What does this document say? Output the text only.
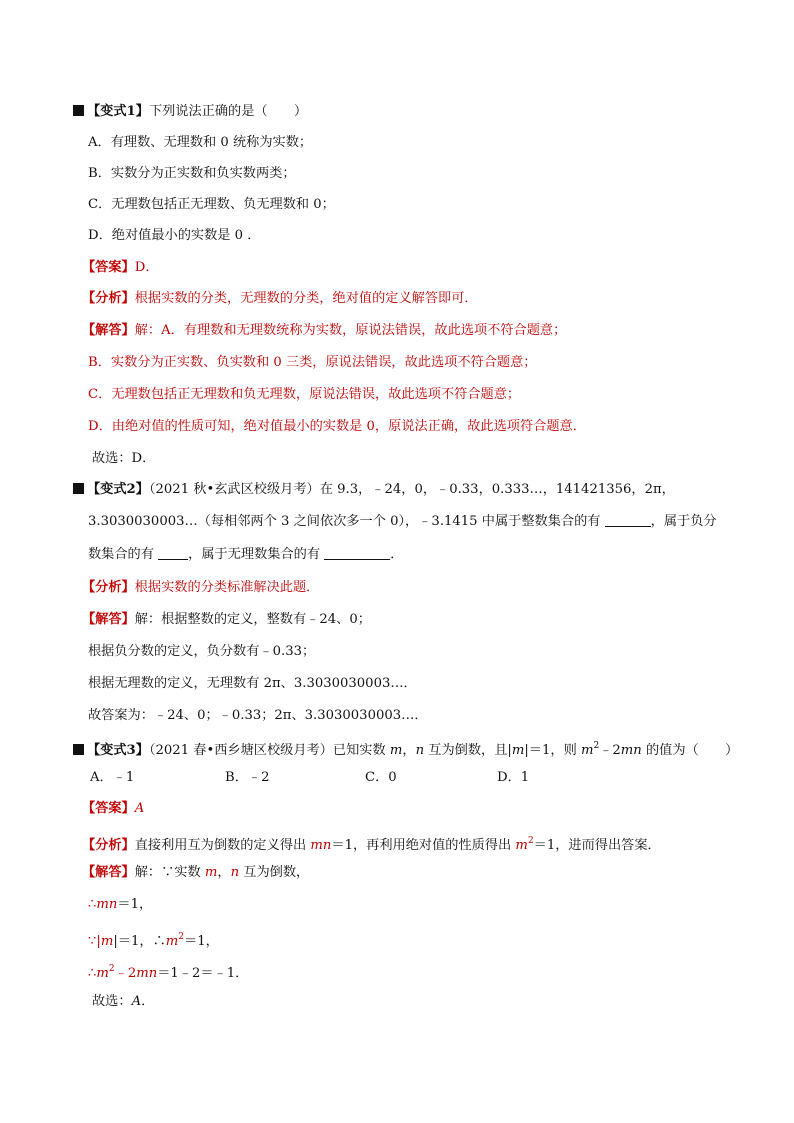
【变式1】下列说法正确的是（　　）
A．有理数、无理数和 0 统称为实数；
B．实数分为正实数和负实数两类；
C．无理数包括正无理数、负无理数和 0；
D．绝对值最小的实数是 0 ．
【答案】D．
【分析】根据实数的分类，无理数的分类，绝对值的定义解答即可．
【解答】解：A．有理数和无理数统称为实数，原说法错误，故此选项不符合题意；
B．实数分为正实数、负实数和 0 三类，原说法错误，故此选项不符合题意；
C．无理数包括正无理数和负无理数，原说法错误，故此选项不符合题意；
D．由绝对值的性质可知，绝对值最小的实数是 0，原说法正确，故此选项符合题意．
故选：D．
【变式2】（2021 秋•玄武区校级月考）在 9.3，﹣24，0，﹣0.33，0.333…，141421356，2π，
3.3030030003…（每相邻两个 3 之间依次多一个 0），﹣3.1415 中属于整数集合的有	，属于负分
数集合的有	，属于无理数集合的有	．
【分析】根据实数的分类标准解决此题．
【解答】解：根据整数的定义，整数有﹣24、0；
根据负分数的定义，负分数有﹣0.33；
根据无理数的定义，无理数有 2π、3.3030030003…．
故答案为：﹣24、0；﹣0.33；2π、3.3030030003…．
【变式3】（2021 春•西乡塘区校级月考）已知实数 m，n 互为倒数，且|m|＝1，则 $m^2﹣2mn$ 的值为（　　）
A．﹣1	B．﹣2	C．0	D．1
【答案】A
【分析】直接利用互为倒数的定义得出 mn＝1，再利用绝对值的性质得出 $m^2=1$，进而得出答案．
【解答】解：∵实数 m，n 互为倒数，
∴mn＝1，
∵|m|＝1，$\therefore m^2=1$，
$\therefore m^2﹣2mn=1﹣2=﹣1$．
故选：A．
